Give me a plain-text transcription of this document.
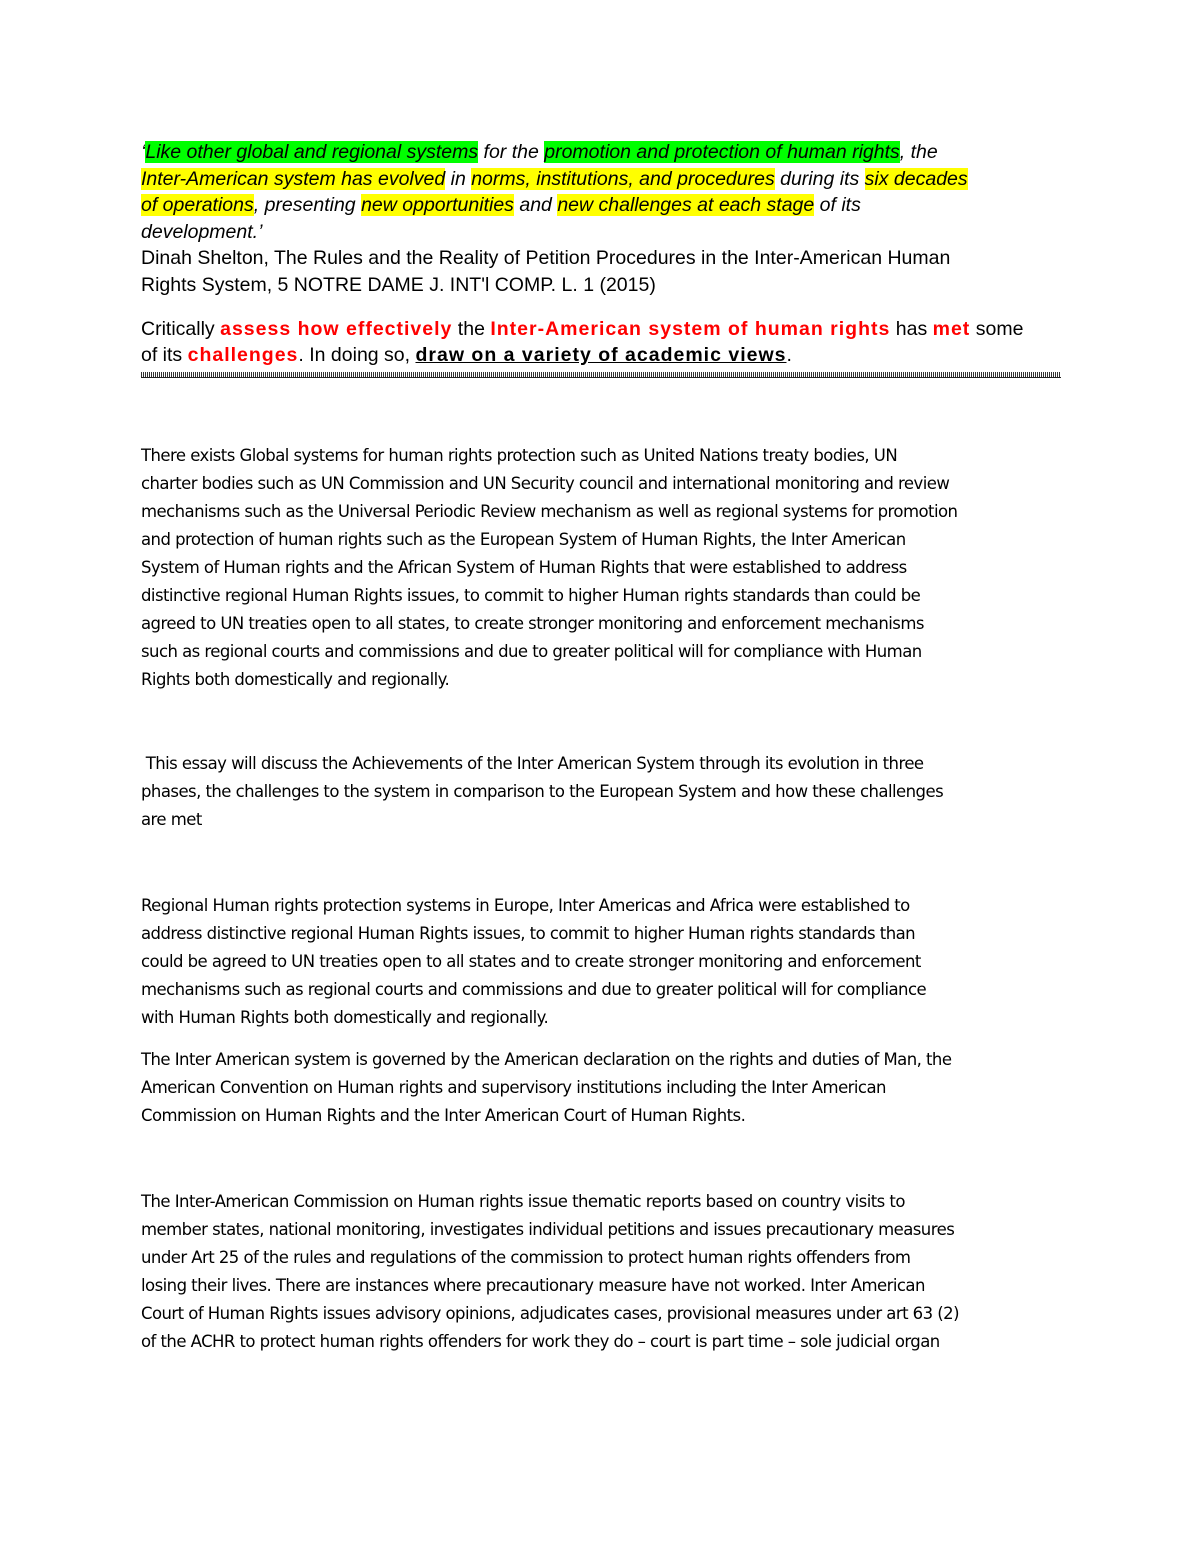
‘Like other global and regional systems for the promotion and protection of human rights, the
Inter-American system has evolved in norms, institutions, and procedures during its six decades
of operations, presenting new opportunities and new challenges at each stage of its
development.’
Dinah Shelton, The Rules and the Reality of Petition Procedures in the Inter-American Human
Rights System, 5 NOTRE DAME J. INT'l COMP. L. 1 (2015)
Critically assess how effectively the Inter-American system of human rights has met some
of its challenges. In doing so, draw on a variety of academic views.

There exists Global systems for human rights protection such as United Nations treaty bodies, UN
charter bodies such as UN Commission and UN Security council and international monitoring and review
mechanisms such as the Universal Periodic Review mechanism as well as regional systems for promotion
and protection of human rights such as the European System of Human Rights, the Inter American
System of Human rights and the African System of Human Rights that were established to address
distinctive regional Human Rights issues, to commit to higher Human rights standards than could be
agreed to UN treaties open to all states, to create stronger monitoring and enforcement mechanisms
such as regional courts and commissions and due to greater political will for compliance with Human
Rights both domestically and regionally.

This essay will discuss the Achievements of the Inter American System through its evolution in three
phases, the challenges to the system in comparison to the European System and how these challenges
are met

Regional Human rights protection systems in Europe, Inter Americas and Africa were established to
address distinctive regional Human Rights issues, to commit to higher Human rights standards than
could be agreed to UN treaties open to all states and to create stronger monitoring and enforcement
mechanisms such as regional courts and commissions and due to greater political will for compliance
with Human Rights both domestically and regionally.

The Inter American system is governed by the American declaration on the rights and duties of Man, the
American Convention on Human rights and supervisory institutions including the Inter American
Commission on Human Rights and the Inter American Court of Human Rights.

The Inter-American Commission on Human rights issue thematic reports based on country visits to
member states, national monitoring, investigates individual petitions and issues precautionary measures
under Art 25 of the rules and regulations of the commission to protect human rights offenders from
losing their lives. There are instances where precautionary measure have not worked. Inter American
Court of Human Rights issues advisory opinions, adjudicates cases, provisional measures under art 63 (2)
of the ACHR to protect human rights offenders for work they do – court is part time – sole judicial organ
